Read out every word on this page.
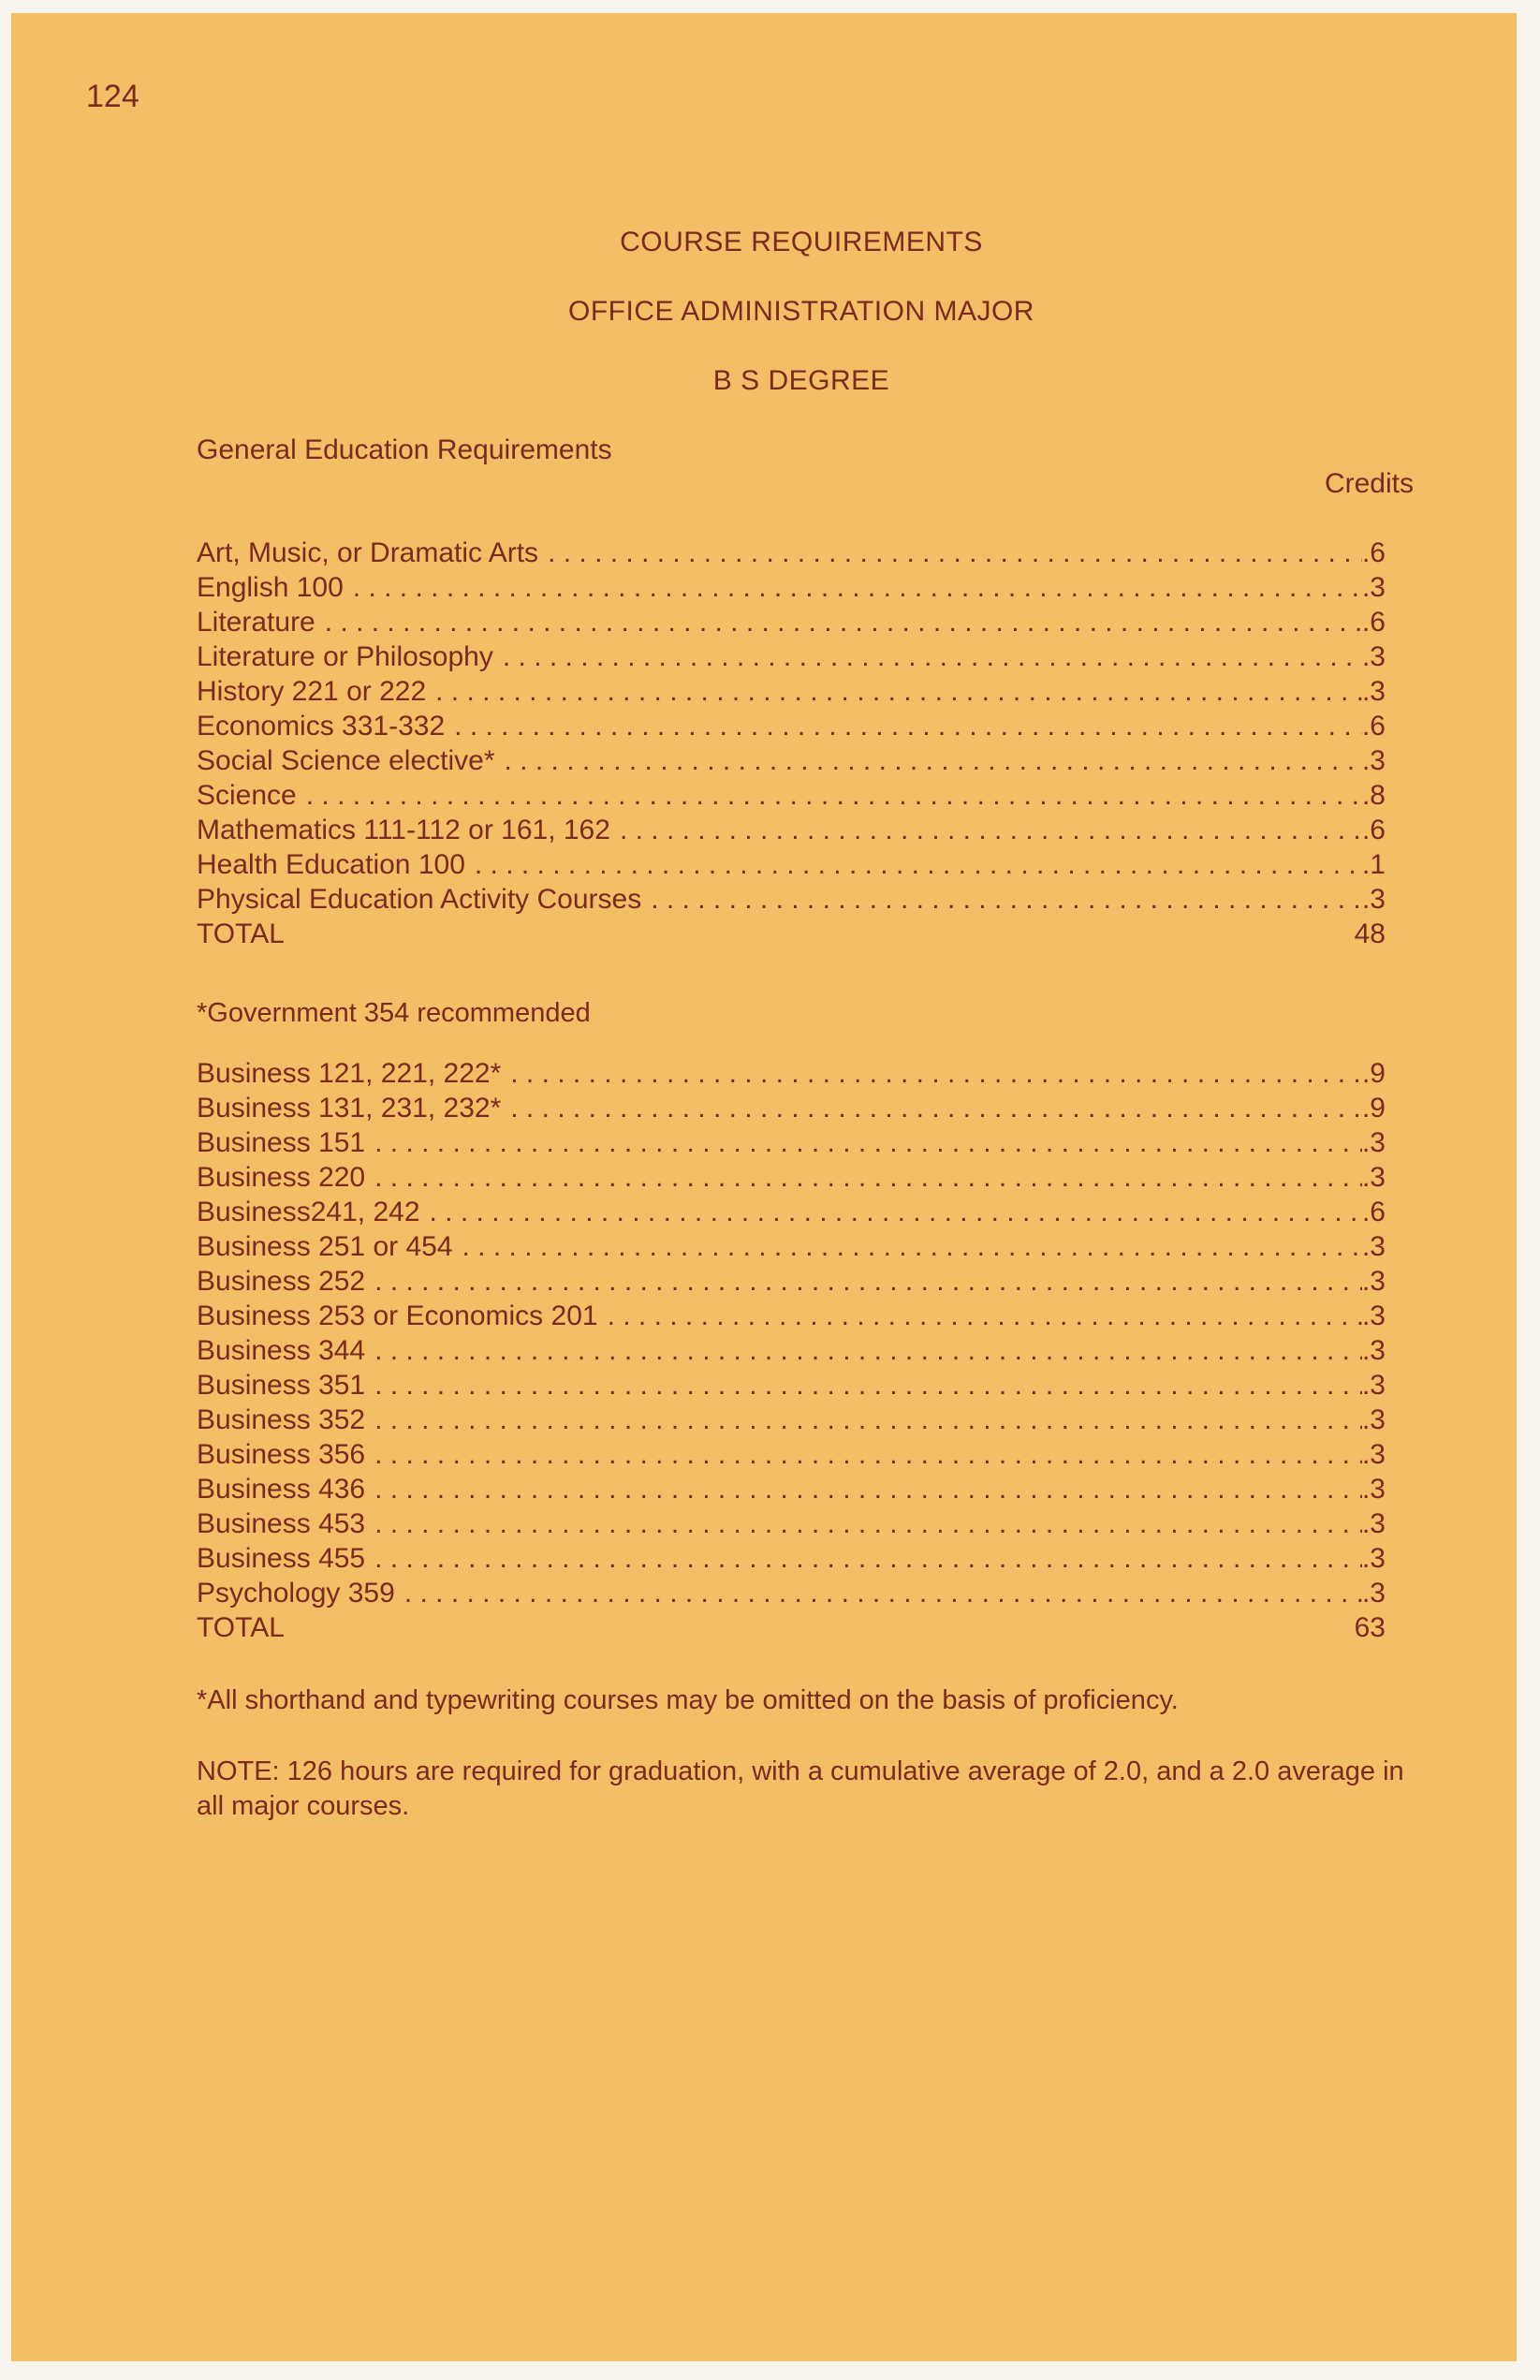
124
COURSE REQUIREMENTS
OFFICE ADMINISTRATION MAJOR
B S DEGREE
General Education Requirements
Credits
Art, Music, or Dramatic Arts . . .	.6
English 100 . . .	.3
Literature . . .	.6
Literature or Philosophy . . .	.3
History 221 or 222 . . .	.3
Economics 331-332 . . .	.6
Social Science elective* . . .	.3
Science . . .	.8
Mathematics 111-112 or 161, 162 . . .	.6
Health Education 100 . . .	.1
Physical Education Activity Courses . . .	.3
TOTAL	48
*Government 354 recommended
Business 121, 221, 222* . . .	.9
Business 131, 231, 232* . . .	.9
Business 151 . . .	.3
Business 220 . . .	.3
Business241, 242 . . .	.6
Business 251 or 454 . . .	.3
Business 252 . . .	.3
Business 253 or Economics 201 . . .	.3
Business 344 . . .	.3
Business 351 . . .	.3
Business 352 . . .	.3
Business 356 . . .	.3
Business 436 . . .	.3
Business 453 . . .	.3
Business 455 . . .	.3
Psychology 359 . . .	.3
TOTAL	63
*All shorthand and typewriting courses may be omitted on the basis of proficiency.
NOTE: 126 hours are required for graduation, with a cumulative average of 2.0, and a 2.0 average in all major courses.
